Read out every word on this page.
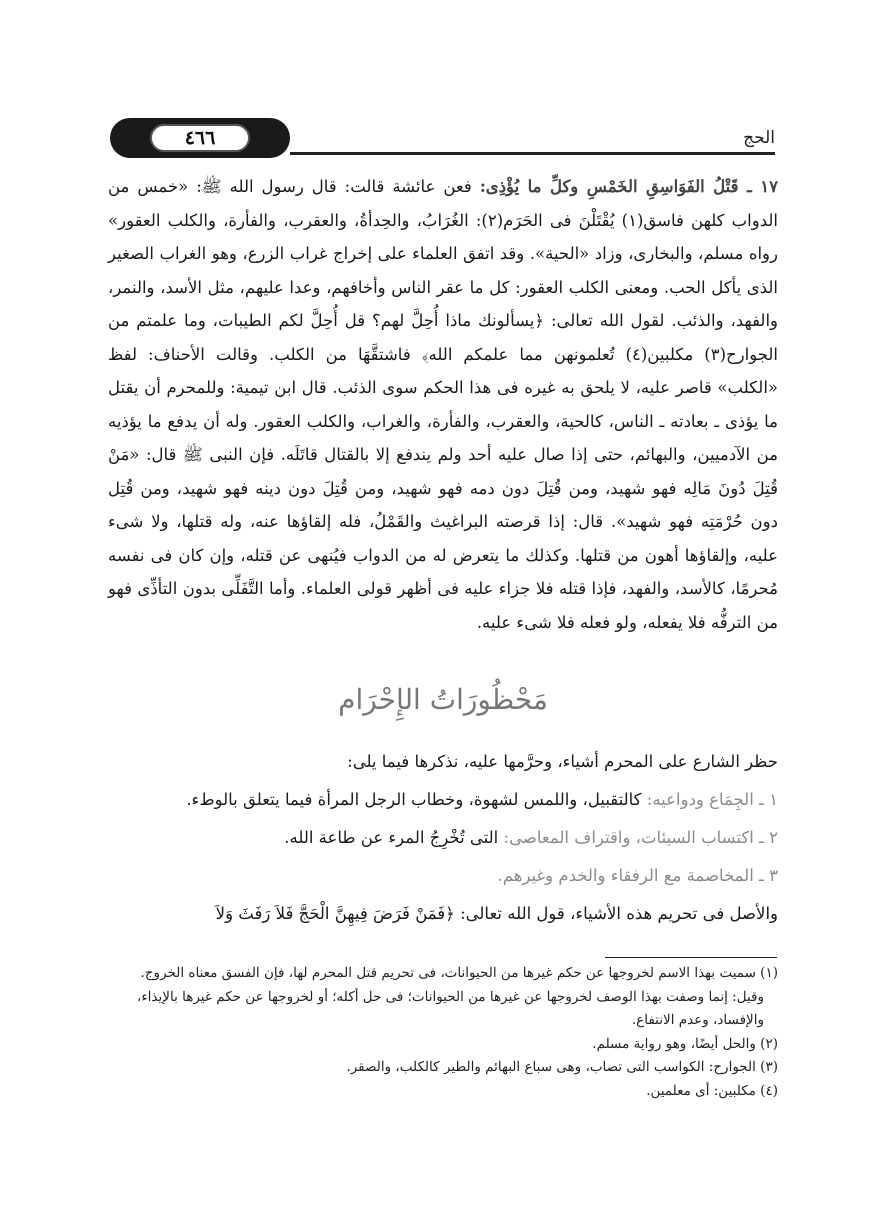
٤٦٦	الحج

١٧ ـ قَتْلُ الفَوَاسِقِ الخَمْسِ وكلِّ ما يُؤْذِى: فعن عائشة قالت: قال رسول الله ﷺ: «خمس من الدواب كلهن فاسق(١) يُقْتَلْنَ فى الحَرَم(٢): الغُرَابُ، والحِدأةُ، والعقرب، والفأرة، والكلب العقور» رواه مسلم، والبخارى، وزاد «الحية». وقد اتفق العلماء على إخراج غراب الزرع، وهو الغراب الصغير الذى يأكل الحب. ومعنى الكلب العقور: كل ما عقر الناس وأخافهم، وعدا عليهم، مثل الأسد، والنمر، والفهد، والذئب. لقول الله تعالى: ﴿يسألونك ماذا أُحِلَّ لهم؟ قل أُحِلَّ لكم الطيبات، وما علمتم من الجوارح(٣) مكلبين(٤) تُعلمونهن مما علمكم الله﴾ فاشتقَّهَا من الكلب. وقالت الأحناف: لفظ «الكلب» قاصر عليه، لا يلحق به غيره فى هذا الحكم سوى الذئب. قال ابن تيمية: وللمحرم أن يقتل ما يؤذى ـ بعادته ـ الناس، كالحية، والعقرب، والفأرة، والغراب، والكلب العقور. وله أن يدفع ما يؤذيه من الآدميين، والبهائم، حتى إذا صال عليه أحد ولم يندفع إلا بالقتال قاتَلَه. فإن النبى ﷺ قال: «مَنْ قُتِلَ دُونَ مَالِه فهو شهيد، ومن قُتِلَ دون دمه فهو شهيد، ومن قُتِلَ دون دينه فهو شهيد، ومن قُتِل دون حُرْمَتِه فهو شهيد». قال: إذا قرصته البراغيث والقَمْلُ، فله إلقاؤها عنه، وله قتلها، ولا شىء عليه، وإلقاؤها أهون من قتلها. وكذلك ما يتعرض له من الدواب فيُنهى عن قتله، وإن كان فى نفسه مُحرمًا، كالأسد، والفهد، فإذا قتله فلا جزاء عليه فى أظهر قولى العلماء. وأما التَّفَلِّى بدون التأذِّى فهو من الترفُّه فلا يفعله، ولو فعله فلا شىء عليه.

مَحْظُورَاتُ الإِحْرَام

حظر الشارع على المحرم أشياء، وحرَّمها عليه، نذكرها فيما يلى:

١ ـ الجِمَاع ودواعيه: كالتقبيل، واللمس لشهوة، وخطاب الرجل المرأة فيما يتعلق بالوطء.

٢ ـ اكتساب السيئات، واقتراف المعاصى: التى تُخْرِجُ المرء عن طاعة الله.

٣ ـ المخاصمة مع الرفقاء والخدم وغيرهم.

والأصل فى تحريم هذه الأشياء، قول الله تعالى: ﴿فَمَنْ فَرَضَ فِيهِنَّ الْحَجَّ فَلاَ رَفَثَ وَلاَ

(١) سميت بهذا الاسم لخروجها عن حكم غيرها من الحيوانات، فى تحريم قتل المحرم لها، فإن الفسق معناه الخروج.

وقيل: إنما وصفت بهذا الوصف لخروجها عن غيرها من الحيوانات؛ فى حل أكله؛ أو لخروجها عن حكم غيرها بالإيذاء، والإفساد، وعدم الانتفاع.

(٢) والحل أيضًا، وهو رواية مسلم.

(٣) الجوارح: الكواسب التى تصاب، وهى سباع البهائم والطير كالكلب، والصقر.

(٤) مكلبين: أى معلمين.
